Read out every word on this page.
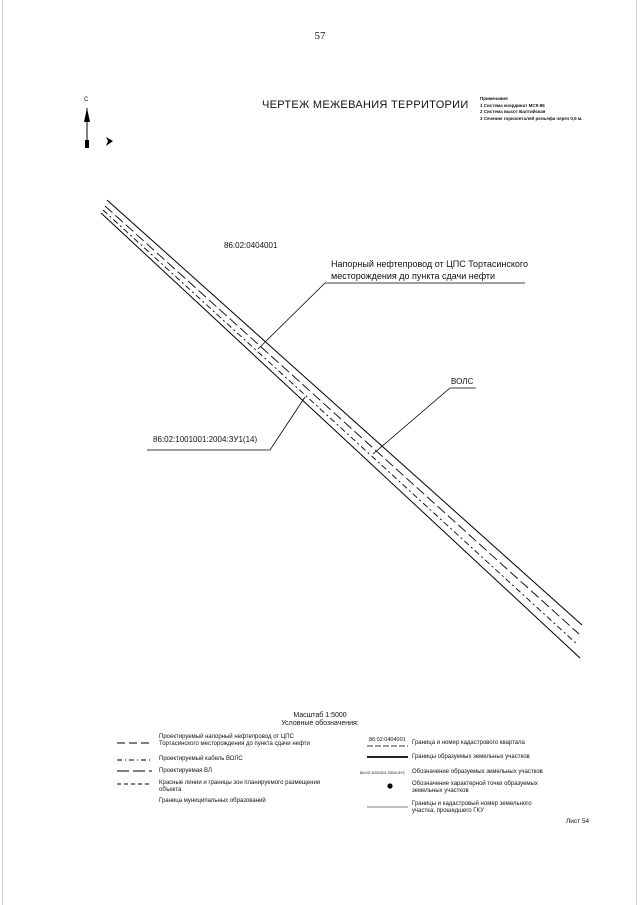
57
ЧЕРТЕЖ МЕЖЕВАНИЯ ТЕРРИТОРИИ
Примечания
1 Система координат МСК-86
2 Система высот Балтийская
3 Сечение горизонталей рельефа через 0,5 м.
С
86:02:0404001
Напорный нефтепровод от ЦПС Тортасинского
месторождения до пункта сдачи нефти
ВОЛС
86:02:1001001:2004:ЗУ1(14)
Масштаб 1:5000
Условные обозначения:
Проектируемый напорный нефтепровод от ЦПС
Тортасинского месторождения до пункта сдачи нефти
Проектируемый кабель ВОЛС
Проектируемая ВЛ
Красные линии и границы зон планируемого размещения
объекта
Граница муниципальных образований
86:02:0404001
86:02:1001001:2004:ЗУ1
Граница и номер кадастрового квартала
Границы образуемых земельных участков
Обозначение образуемых земельных участков
Обозначение характерной точки образуемых
земельных участков
Границы и кадастровый номер земельного
участка, прошедшего ГКУ
Лист 54
